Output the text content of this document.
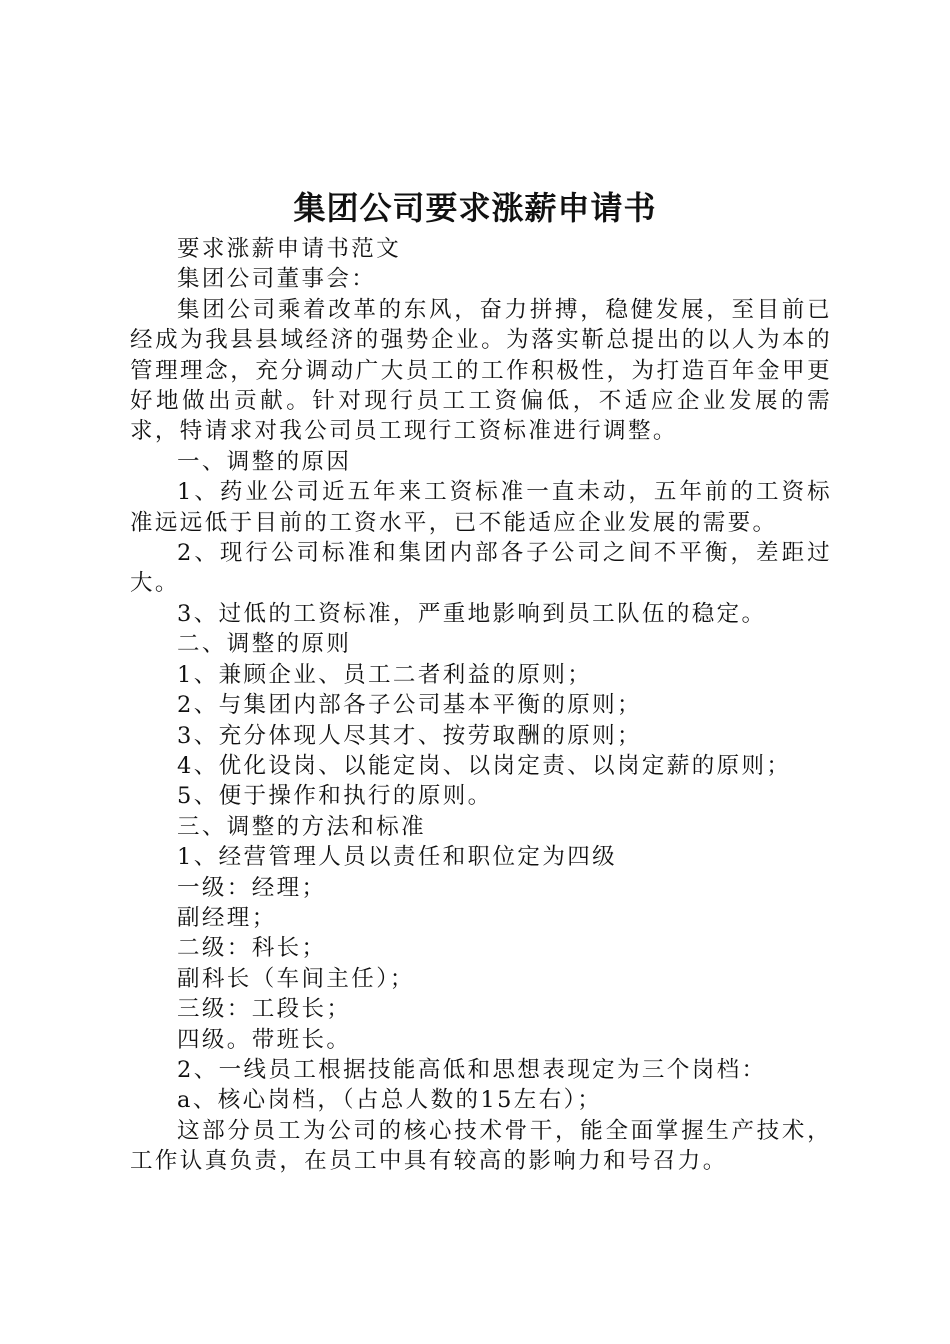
集团公司要求涨薪申请书

要求涨薪申请书范文

集团公司董事会：

集团公司乘着改革的东风，奋力拼搏，稳健发展，至目前已经成为我县县域经济的强势企业。为落实靳总提出的以人为本的管理理念，充分调动广大员工的工作积极性，为打造百年金甲更好地做出贡献。针对现行员工工资偏低，不适应企业发展的需求，特请求对我公司员工现行工资标准进行调整。

一、调整的原因

1、药业公司近五年来工资标准一直未动，五年前的工资标准远远低于目前的工资水平，已不能适应企业发展的需要。

2、现行公司标准和集团内部各子公司之间不平衡，差距过大。

3、过低的工资标准，严重地影响到员工队伍的稳定。

二、调整的原则

1、兼顾企业、员工二者利益的原则；

2、与集团内部各子公司基本平衡的原则；

3、充分体现人尽其才、按劳取酬的原则；

4、优化设岗、以能定岗、以岗定责、以岗定薪的原则；

5、便于操作和执行的原则。

三、调整的方法和标准

1、经营管理人员以责任和职位定为四级

一级：经理；

副经理；

二级：科长；

副科长（车间主任）；

三级：工段长；

四级。带班长。

2、一线员工根据技能高低和思想表现定为三个岗档：

a、核心岗档，（占总人数的15左右）；

这部分员工为公司的核心技术骨干，能全面掌握生产技术，工作认真负责，在员工中具有较高的影响力和号召力。
